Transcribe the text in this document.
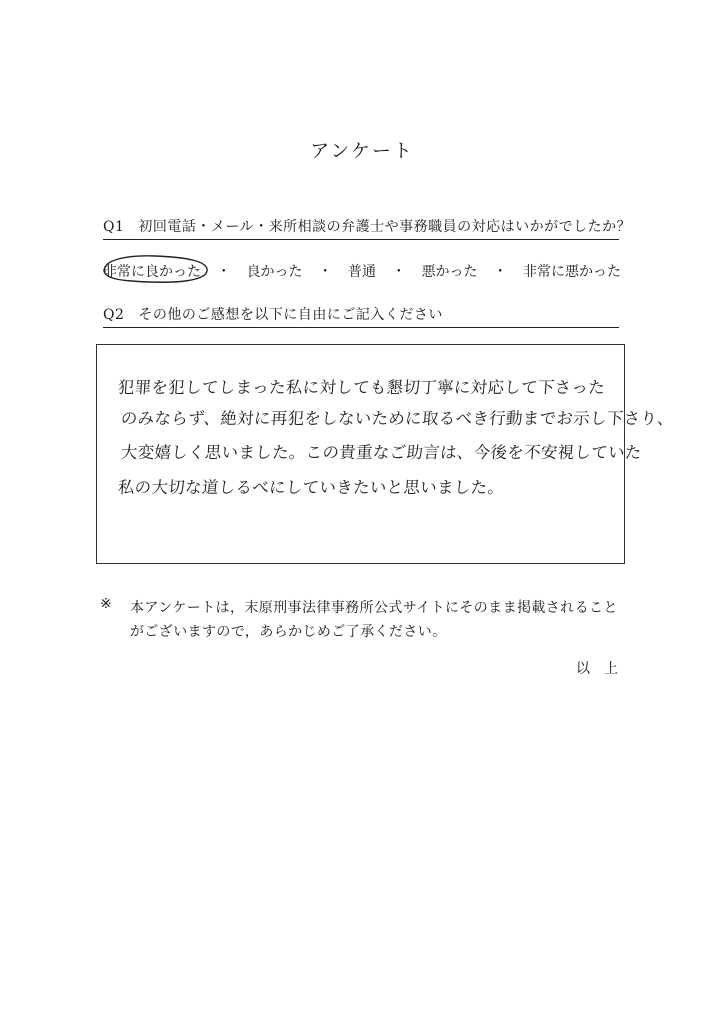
アンケート
Q1 初回電話・メール・来所相談の弁護士や事務職員の対応はいかがでしたか？
非常に良かった ・ 良かった ・ 普通 ・ 悪かった ・ 非常に悪かった
Q2 その他のご感想を以下に自由にご記入ください
犯罪を犯してしまった私に対しても懇切丁寧に対応して下さった
のみならず、絶対に再犯をしないために取るべき行動までお示し下さり、
大変嬉しく思いました。この貴重なご助言は、今後を不安視していた
私の大切な道しるべにしていきたいと思いました。
※ 本アンケートは，末原刑事法律事務所公式サイトにそのまま掲載されることがございますので，あらかじめご了承ください。
以上
